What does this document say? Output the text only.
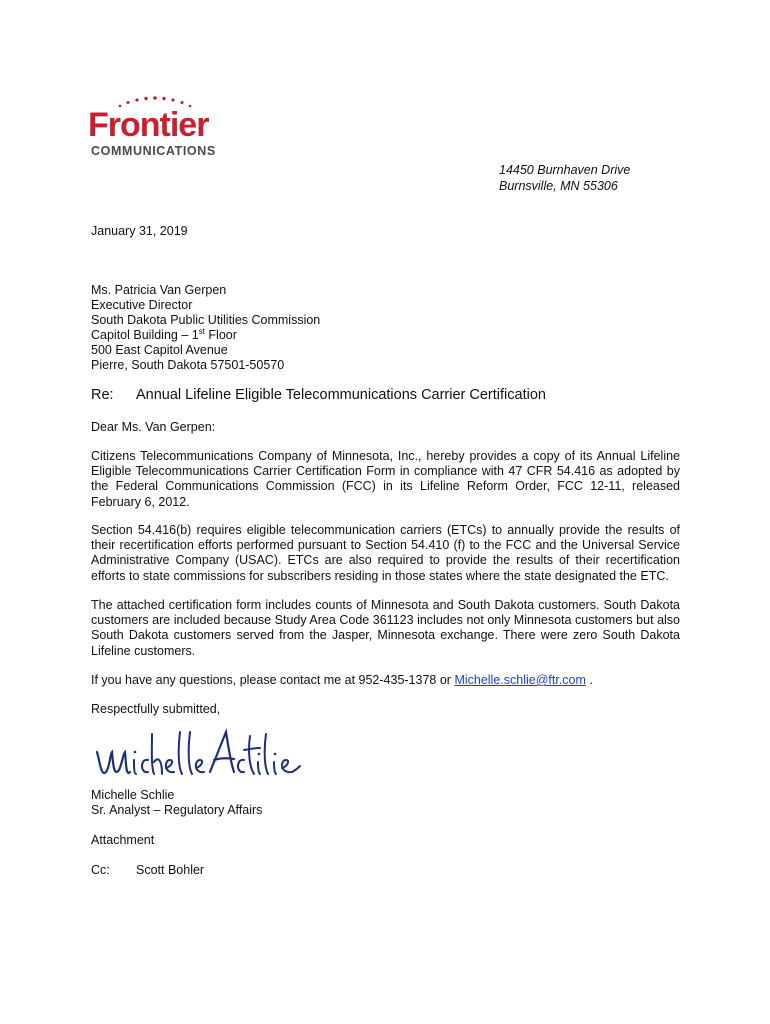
Frontier
COMMUNICATIONS
14450 Burnhaven Drive
Burnsville, MN 55306
January 31, 2019
Ms. Patricia Van Gerpen
Executive Director
South Dakota Public Utilities Commission
Capitol Building – 1st Floor
500 East Capitol Avenue
Pierre, South Dakota 57501-50570
Re: Annual Lifeline Eligible Telecommunications Carrier Certification
Dear Ms. Van Gerpen:
Citizens Telecommunications Company of Minnesota, Inc., hereby provides a copy of its Annual Lifeline Eligible Telecommunications Carrier Certification Form in compliance with 47 CFR 54.416 as adopted by the Federal Communications Commission (FCC) in its Lifeline Reform Order, FCC 12-11, released February 6, 2012.
Section 54.416(b) requires eligible telecommunication carriers (ETCs) to annually provide the results of their recertification efforts performed pursuant to Section 54.410 (f) to the FCC and the Universal Service Administrative Company (USAC). ETCs are also required to provide the results of their recertification efforts to state commissions for subscribers residing in those states where the state designated the ETC.
The attached certification form includes counts of Minnesota and South Dakota customers. South Dakota customers are included because Study Area Code 361123 includes not only Minnesota customers but also South Dakota customers served from the Jasper, Minnesota exchange. There were zero South Dakota Lifeline customers.
If you have any questions, please contact me at 952-435-1378 or Michelle.schlie@ftr.com .
Respectfully submitted,
Michelle Schlie
Sr. Analyst – Regulatory Affairs
Attachment
Cc: Scott Bohler
